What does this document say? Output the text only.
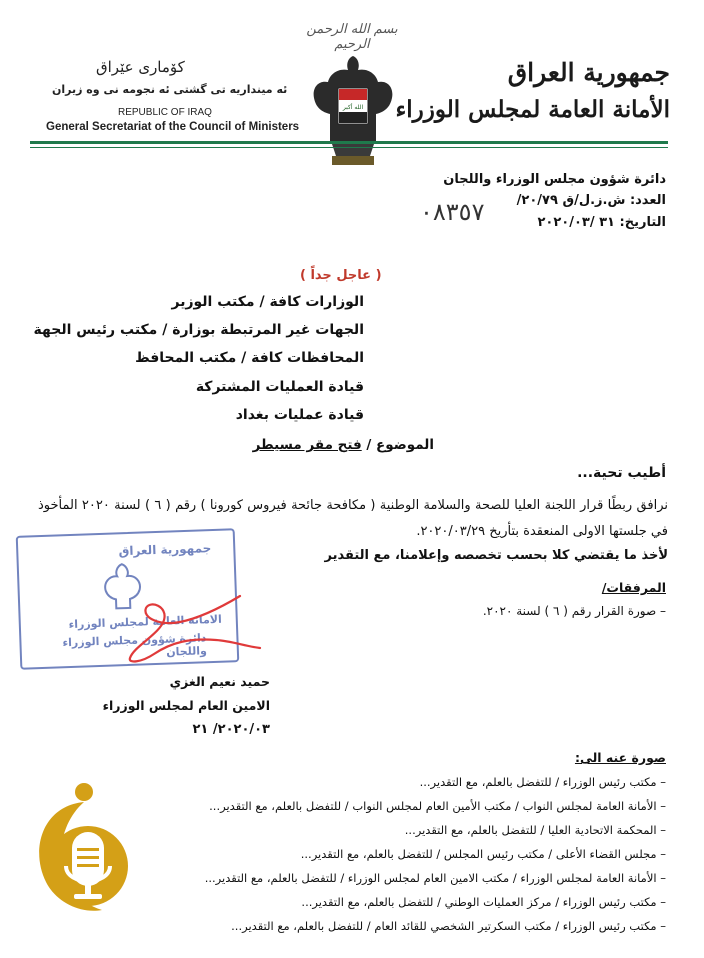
بسم الله الرحمن الرحيم
جمهورية العراق
الأمانة العامة لمجلس الوزراء
كۆماری عێراق
ئه مینداریه تی گشتی ئه نجومه نی وه زیران
REPUBLIC OF IRAQ
General Secretariat of the Council of Ministers
الله أكبر
دائرة شؤون مجلس الوزراء واللجان
العدد: ش.ز.ل/ق ٢٠/٧٩/
التاريخ: ٣١ /٢٠٢٠/٠٣
٠٨٣٥٧
( عاجل جداً )
الوزارات كافة / مكتب الوزير
الجهات غير المرتبطة بوزارة / مكتب رئيس الجهة
المحافظات كافة / مكتب المحافظ
قيادة العمليات المشتركة
قيادة عمليات بغداد
الموضوع / فتح مقر مسيطر
أطيب تحية...
نرافق ربطًا قرار اللجنة العليا للصحة والسلامة الوطنية ( مكافحة جائحة فيروس كورونا ) رقم ( ٦ ) لسنة ٢٠٢٠ المأخوذ في جلستها الاولى المنعقدة بتأريخ ٢٠٢٠/٠٣/٢٩.
لأخذ ما يقتضي كلا بحسب تخصصه وإعلامنا، مع التقدير
المرفقات/
– صورة القرار رقم ( ٦ ) لسنة ٢٠٢٠.
جمهورية العراق
الامانة العامة لمجلس الوزراء
دائرة شؤون مجلس الوزراء واللجان
حميد نعيم الغزي
الامين العام لمجلس الوزراء
٢٠٢٠/٠٣/ ٢١
صورة عنه الى:
– مكتب رئيس الوزراء / للتفضل بالعلم، مع التقدير...
– الأمانة العامة لمجلس النواب / مكتب الأمين العام لمجلس النواب / للتفضل بالعلم، مع التقدير...
– المحكمة الاتحادية العليا / للتفضل بالعلم، مع التقدير...
– مجلس القضاء الأعلى / مكتب رئيس المجلس / للتفضل بالعلم، مع التقدير...
– الأمانة العامة لمجلس الوزراء / مكتب الامين العام لمجلس الوزراء / للتفضل بالعلم، مع التقدير...
– مكتب رئيس الوزراء / مركز العمليات الوطني / للتفضل بالعلم، مع التقدير...
– مكتب رئيس الوزراء / مكتب السكرتير الشخصي للقائد العام / للتفضل بالعلم، مع التقدير...
